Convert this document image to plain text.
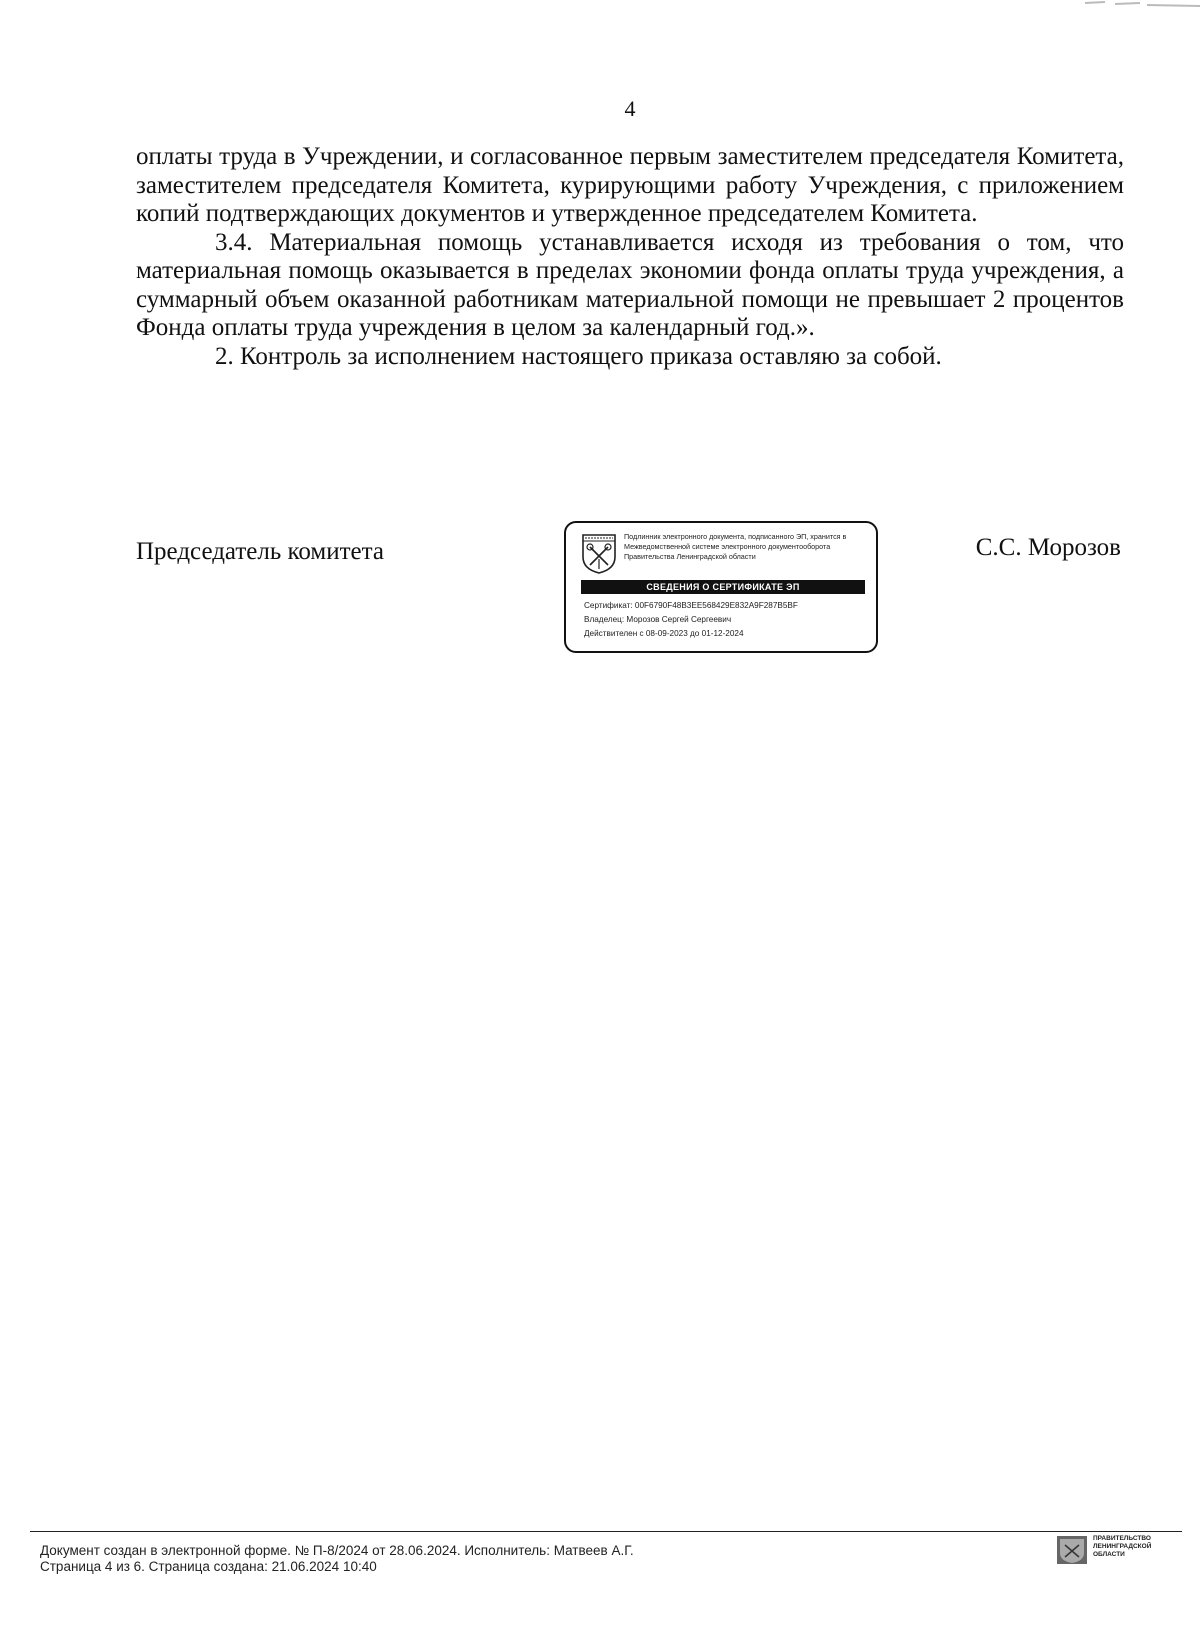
4

оплаты труда в Учреждении, и согласованное первым заместителем председателя Комитета, заместителем председателя Комитета, курирующими работу Учреждения, с приложением копий подтверждающих документов и утвержденное председателем Комитета.

3.4. Материальная помощь устанавливается исходя из требования о том, что материальная помощь оказывается в пределах экономии фонда оплаты труда учреждения, а суммарный объем оказанной работникам материальной помощи не превышает 2 процентов Фонда оплаты труда учреждения в целом за календарный год.».

2. Контроль за исполнением настоящего приказа оставляю за собой.

Председатель комитета
Подлинник электронного документа, подписанного ЭП, хранится в Межведомственной системе электронного документооборота Правительства Ленинградской области
СВЕДЕНИЯ О СЕРТИФИКАТЕ ЭП
Сертификат: 00F6790F48B3EE568429E832A9F287B5BF
Владелец: Морозов Сергей Сергеевич
Действителен с 08-09-2023 до 01-12-2024
С.С. Морозов
Документ создан в электронной форме. № П-8/2024 от 28.06.2024. Исполнитель: Матвеев А.Г.
Страница 4 из 6. Страница создана: 21.06.2024 10:40
ПРАВИТЕЛЬСТВО
ЛЕНИНГРАДСКОЙ
ОБЛАСТИ
